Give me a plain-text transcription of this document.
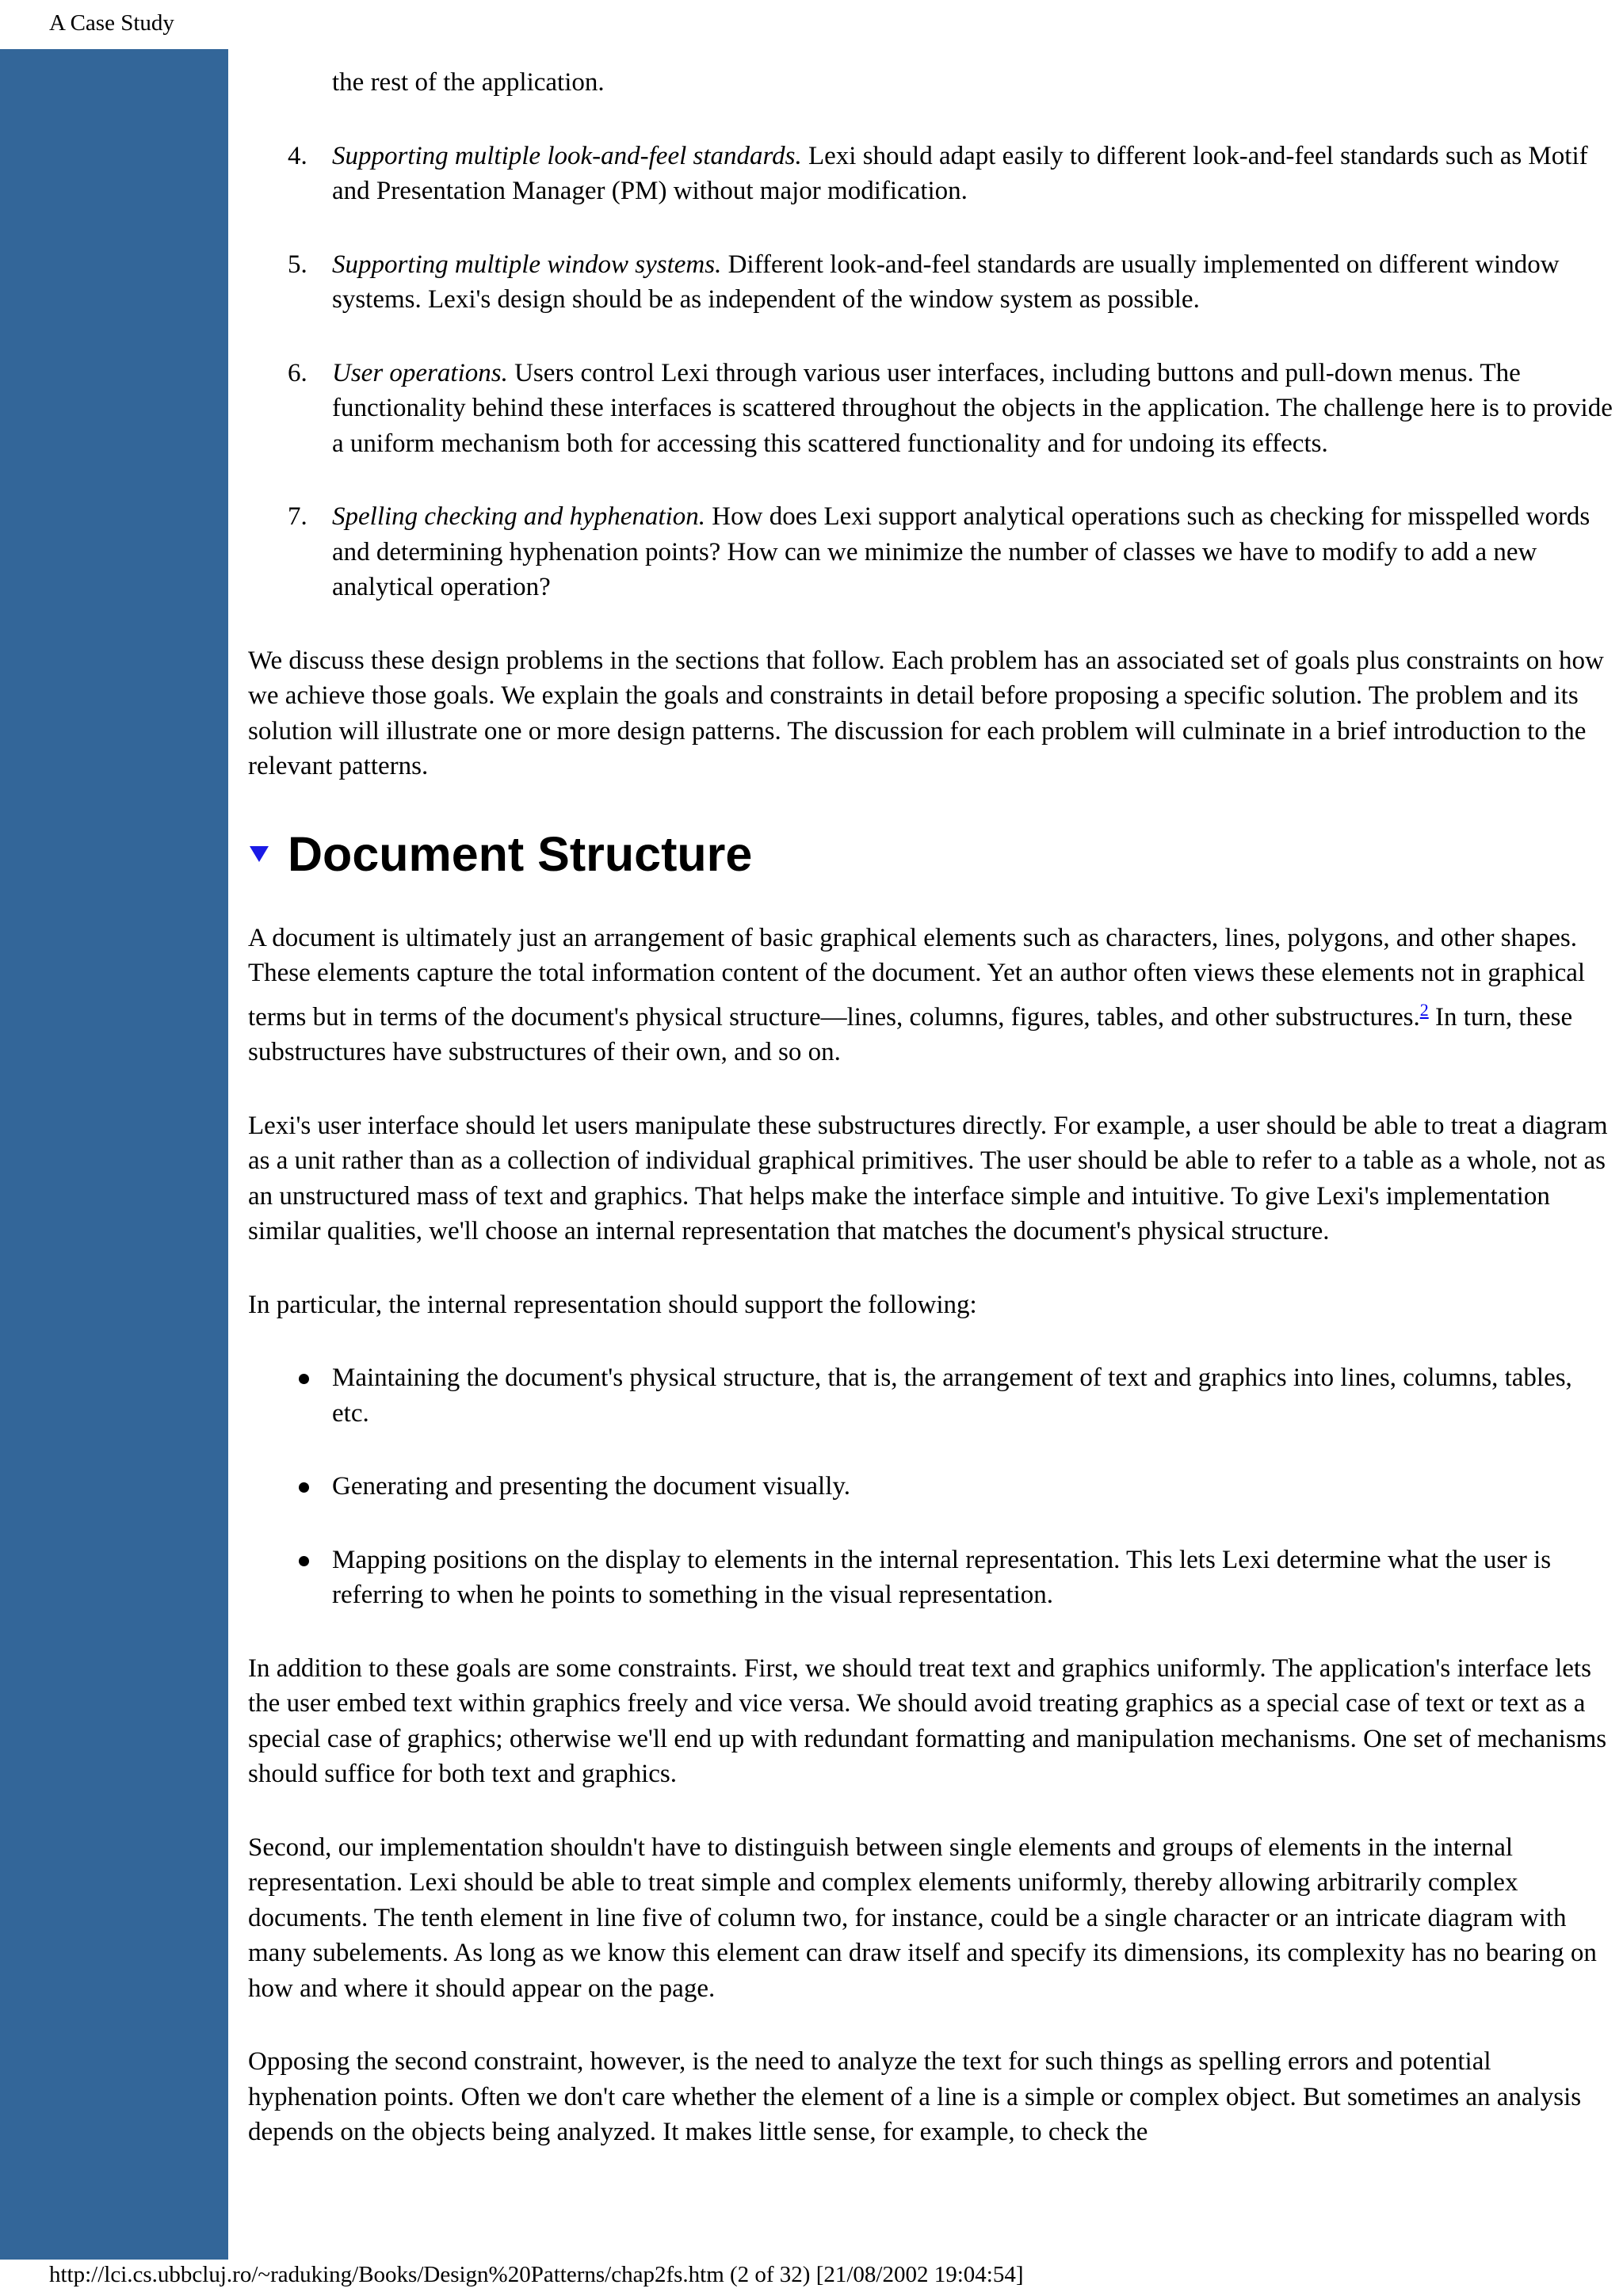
A Case Study

the rest of the application.

4. Supporting multiple look-and-feel standards. Lexi should adapt easily to different look-and-feel standards such as Motif and Presentation Manager (PM) without major modification.
5. Supporting multiple window systems. Different look-and-feel standards are usually implemented on different window systems. Lexi's design should be as independent of the window system as possible.
6. User operations. Users control Lexi through various user interfaces, including buttons and pull-down menus. The functionality behind these interfaces is scattered throughout the objects in the application. The challenge here is to provide a uniform mechanism both for accessing this scattered functionality and for undoing its effects.
7. Spelling checking and hyphenation. How does Lexi support analytical operations such as checking for misspelled words and determining hyphenation points? How can we minimize the number of classes we have to modify to add a new analytical operation?

We discuss these design problems in the sections that follow. Each problem has an associated set of goals plus constraints on how we achieve those goals. We explain the goals and constraints in detail before proposing a specific solution. The problem and its solution will illustrate one or more design patterns. The discussion for each problem will culminate in a brief introduction to the relevant patterns.

Document Structure

A document is ultimately just an arrangement of basic graphical elements such as characters, lines, polygons, and other shapes. These elements capture the total information content of the document. Yet an author often views these elements not in graphical terms but in terms of the document's physical structure—lines, columns, figures, tables, and other substructures.$^2$ In turn, these substructures have substructures of their own, and so on.

Lexi's user interface should let users manipulate these substructures directly. For example, a user should be able to treat a diagram as a unit rather than as a collection of individual graphical primitives. The user should be able to refer to a table as a whole, not as an unstructured mass of text and graphics. That helps make the interface simple and intuitive. To give Lexi's implementation similar qualities, we'll choose an internal representation that matches the document's physical structure.

In particular, the internal representation should support the following:

Maintaining the document's physical structure, that is, the arrangement of text and graphics into lines, columns, tables, etc.
Generating and presenting the document visually.
Mapping positions on the display to elements in the internal representation. This lets Lexi determine what the user is referring to when he points to something in the visual representation.

In addition to these goals are some constraints. First, we should treat text and graphics uniformly. The application's interface lets the user embed text within graphics freely and vice versa. We should avoid treating graphics as a special case of text or text as a special case of graphics; otherwise we'll end up with redundant formatting and manipulation mechanisms. One set of mechanisms should suffice for both text and graphics.

Second, our implementation shouldn't have to distinguish between single elements and groups of elements in the internal representation. Lexi should be able to treat simple and complex elements uniformly, thereby allowing arbitrarily complex documents. The tenth element in line five of column two, for instance, could be a single character or an intricate diagram with many subelements. As long as we know this element can draw itself and specify its dimensions, its complexity has no bearing on how and where it should appear on the page.

Opposing the second constraint, however, is the need to analyze the text for such things as spelling errors and potential hyphenation points. Often we don't care whether the element of a line is a simple or complex object. But sometimes an analysis depends on the objects being analyzed. It makes little sense, for example, to check the

http://lci.cs.ubbcluj.ro/~raduking/Books/Design%20Patterns/chap2fs.htm (2 of 32) [21/08/2002 19:04:54]
